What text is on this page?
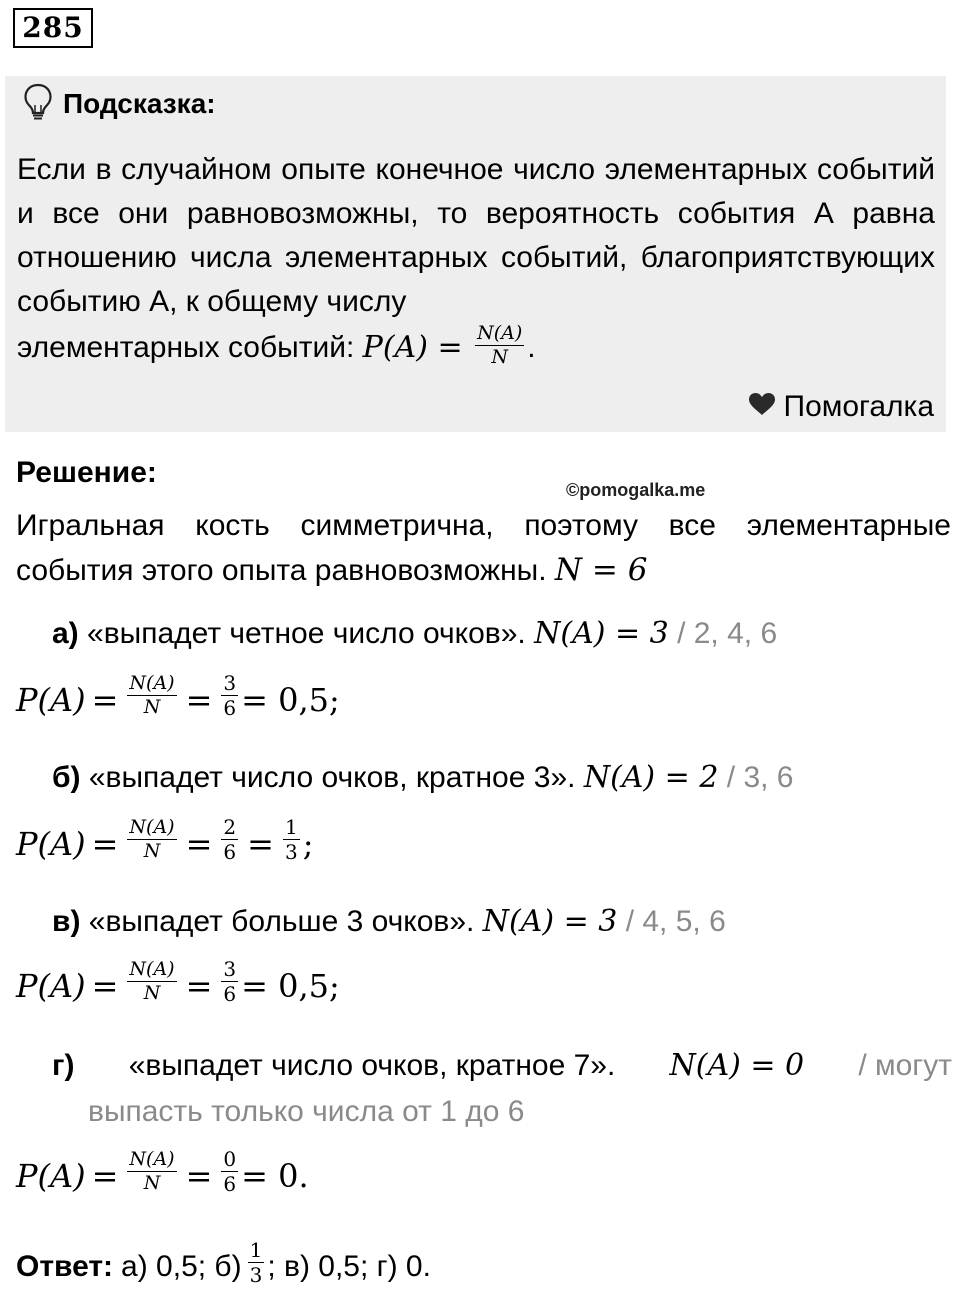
285
Подсказка:
Если в случайном опыте конечное число элементарных событий и все они равновозможны, то вероятность события А равна отношению числа элементарных событий, благоприятствующих событию А, к общему числу
элементарных событий: $P(A) = \frac{N(A)}{N}$ .
Помогалка
Решение:
©pomogalka.me
Игральная кость симметрична, поэтому все элементарные события этого опыта равновозможны. N = 6
а) «выпадет четное число очков». N(A) = 3 / 2, 4, 6
$P(A) = \frac{N(A)}{N} = \frac{3}{6} = 0,5$;
б) «выпадет число очков, кратное 3». N(A) = 2 / 3, 6
$P(A) = \frac{N(A)}{N} = \frac{2}{6} = \frac{1}{3}$ ;
в) «выпадет больше 3 очков». N(A) = 3 / 4, 5, 6
$P(A) = \frac{N(A)}{N} = \frac{3}{6} = 0,5$;
г) «выпадет число очков, кратное 7». N(A) = 0 / могут
выпасть только числа от 1 до 6
$P(A) = \frac{N(A)}{N} = \frac{0}{6} = 0$.
Ответ: а) 0,5; $б) \frac{1}{3}$ ; в) 0,5; г) 0.
